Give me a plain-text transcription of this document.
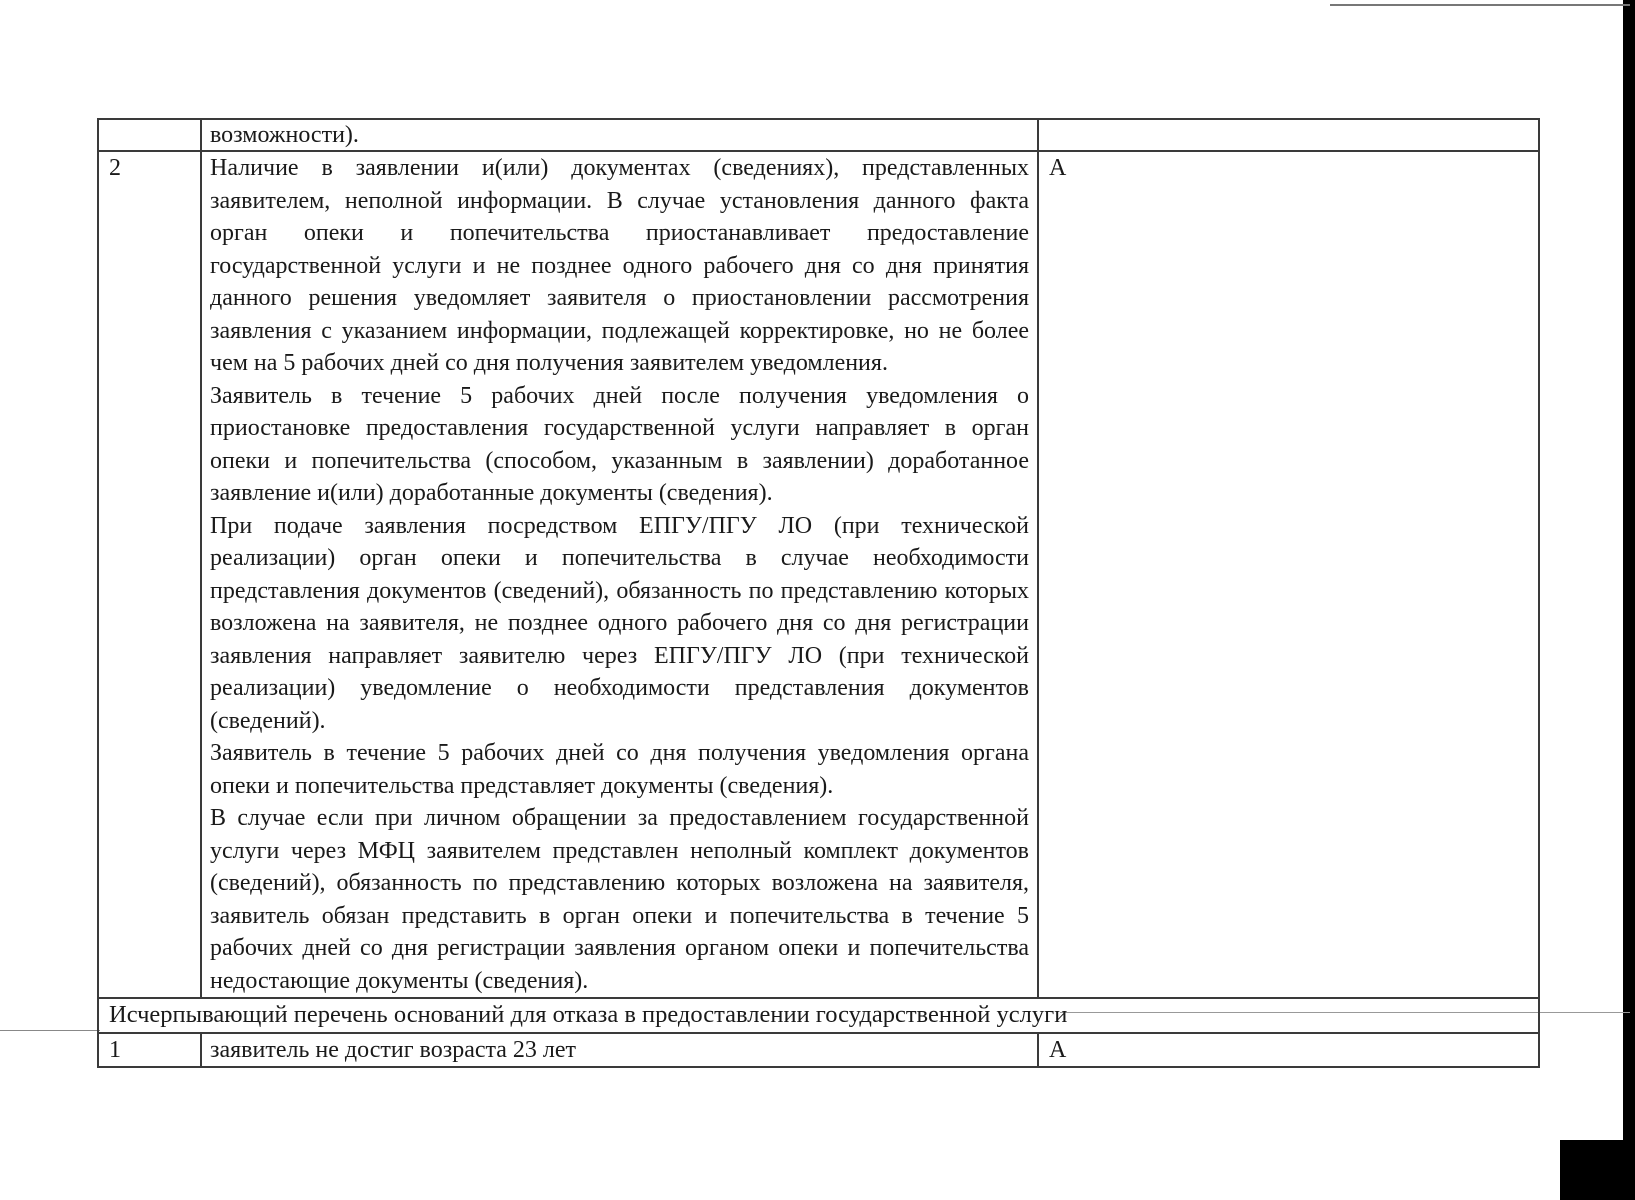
	возможности).	

2	Наличие в заявлении и(или) документах (сведениях), представленных заявителем, неполной информации. В случае установления данного факта орган опеки и попечительства приостанавливает предоставление государственной услуги и не позднее одного рабочего дня со дня принятия данного решения уведомляет заявителя о приостановлении рассмотрения заявления с указанием информации, подлежащей корректировке, но не более чем на 5 рабочих дней со дня получения заявителем уведомления.

Заявитель в течение 5 рабочих дней после получения уведомления о приостановке предоставления государственной услуги направляет в орган опеки и попечительства (способом, указанным в заявлении) доработанное заявление и(или) доработанные документы (сведения).

При подаче заявления посредством ЕПГУ/ПГУ ЛО (при технической реализации) орган опеки и попечительства в случае необходимости представления документов (сведений), обязанность по представлению которых возложена на заявителя, не позднее одного рабочего дня со дня регистрации заявления направляет заявителю через ЕПГУ/ПГУ ЛО (при технической реализации) уведомление о необходимости представления документов (сведений).

Заявитель в течение 5 рабочих дней со дня получения уведомления органа опеки и попечительства представляет документы (сведения).

В случае если при личном обращении за предоставлением государственной услуги через МФЦ заявителем представлен неполный комплект документов (сведений), обязанность по представлению которых возложена на заявителя, заявитель обязан представить в орган опеки и попечительства в течение 5 рабочих дней со дня регистрации заявления органом опеки и попечительства недостающие документы (сведения).	А
Исчерпывающий перечень оснований для отказа в предоставлении государственной услуги		
1	заявитель не достиг возраста 23 лет	А
